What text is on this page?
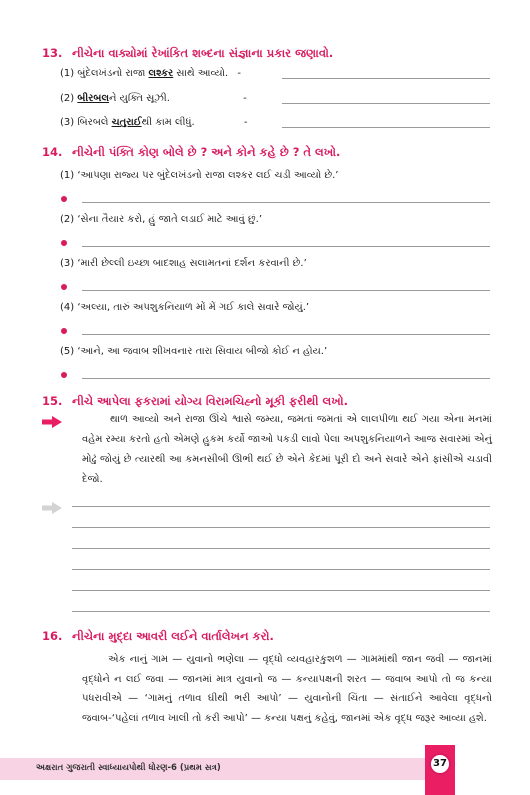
13. નીચેના વાક્યોમાં રેખાંકિત શબ્દના સંજ્ઞાના પ્રકાર જણાવો.
(1) બુંદેલખંડનો રાજા લશ્કર સાથે આવ્યો. -
(2) બીરબલને યુક્તિ સૂઝી.	-
(3) બિરબલે ચતુરાઈથી કામ લીધું.	-
14. નીચેની પંક્તિ કોણ બોલે છે ? અને કોને કહે છે ? તે લખો.
(1) ‘આપણા રાજ્ય પર બુંદેલખંડનો રાજા લશ્કર લઈ ચડી આવ્યો છે.’
(2) ‘સેના તૈયાર કરો, હું જાતે લડાઈ માટે આવું છું.’
(3) ‘મારી છેલ્લી ઇચ્છા બાદશાહ સલામતનાં દર્શન કરવાની છે.’
(4) ‘અલ્યા, તારું અપશુકનિયાળ મોં મેં ગઈ કાલે સવારે જોયું.’
(5) ‘આને, આ જવાબ શીખવનાર તારા સિવાય બીજો કોઈ ન હોય.’
15. નીચે આપેલા ફકરામાં યોગ્ય વિરામચિહ્નો મૂકી ફરીથી લખો.
થાળ આવ્યો અને રાજા ઊંચે શ્વાસે જમ્યા, જમતાં જમતાં એ લાલપીળા થઈ ગયા એના મનમાં વહેમ રમ્યા કરતો હતો એમણે હુકમ કર્યો જાઓ પકડી લાવો પેલા અપશુકનિયાળને આજ સવારમાં એનું મોઢું જોયું છે ત્યારથી આ કમનસીબી ઊભી થઈ છે એને કેદમાં પૂરી દો અને સવારે એને ફાંસીએ ચડાવી દેજો.
16. નીચેના મુદ્દા આવરી લઈને વાર્તાલેખન કરો.
એક નાનું ગામ — યુવાનો ભણેલા — વૃદ્ધો વ્યવહારકુશળ — ગામમાંથી જાન જવી — જાનમાં વૃદ્ધોને ન લઈ જવા — જાનમાં માત્ર યુવાનો જ — કન્યાપક્ષની શરત — જવાબ આપો તો જ કન્યા પધરાવીએ — ‘ગામનું તળાવ ઘીથી ભરી આપો’ — યુવાનોની ચિંતા — સંતાઈને આવેલા વૃદ્ધનો જવાબ-‘પહેલાં તળાવ ખાલી તો કરી આપો’ — કન્યા પક્ષનું કહેવું, જાનમાં એક વૃદ્ધ જરૂર આવ્યા હશે.
અક્ષરાત ગુજરાતી સ્વાધ્યાયપોથી ધોરણ-6 (પ્રથમ સત્ર)	37
